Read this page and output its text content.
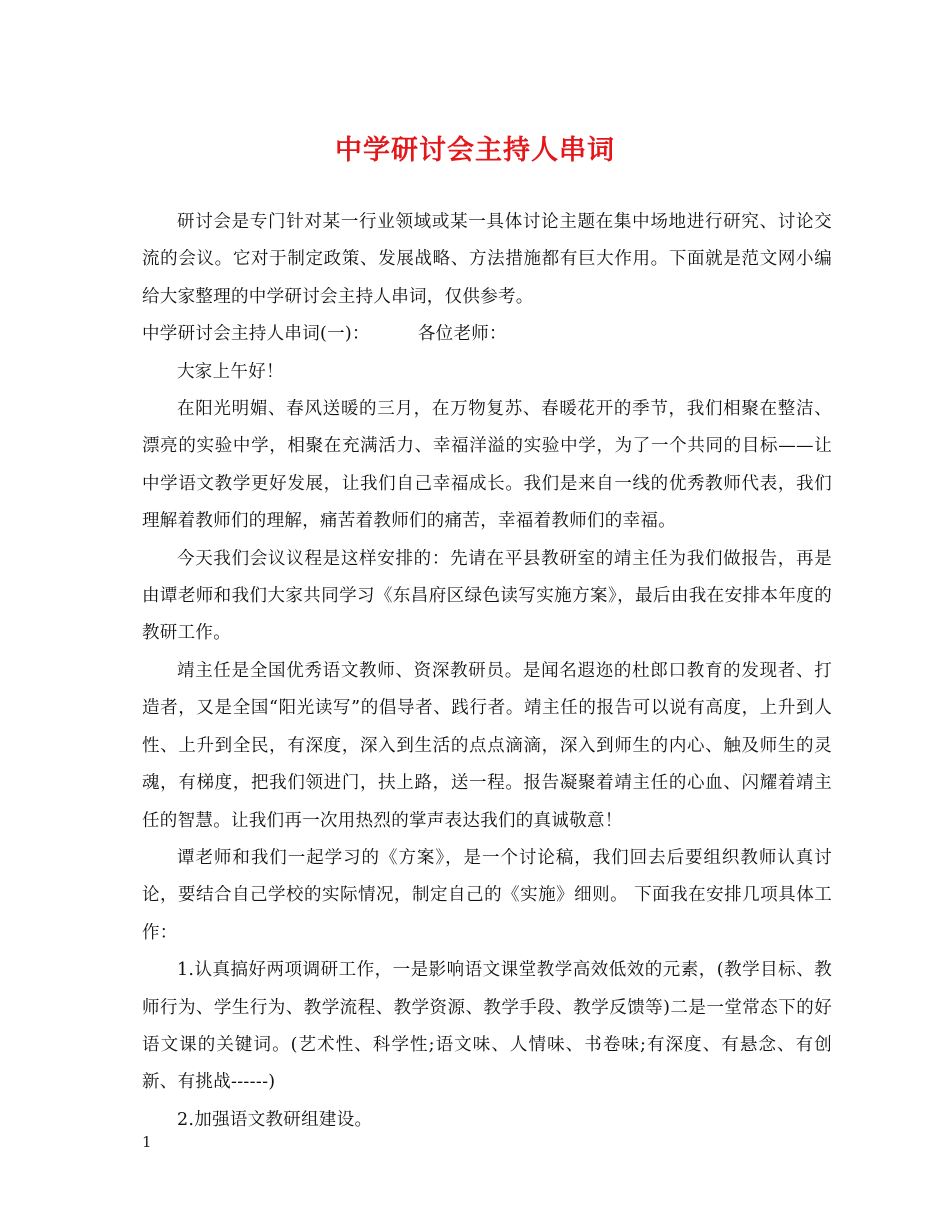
中学研讨会主持人串词

研讨会是专门针对某一行业领域或某一具体讨论主题在集中场地进行研究、讨论交流的会议。它对于制定政策、发展战略、方法措施都有巨大作用。下面就是范文网小编给大家整理的中学研讨会主持人串词，仅供参考。

中学研讨会主持人串词(一)：	各位老师：

大家上午好！

在阳光明媚、春风送暖的三月，在万物复苏、春暖花开的季节，我们相聚在整洁、漂亮的实验中学，相聚在充满活力、幸福洋溢的实验中学，为了一个共同的目标——让中学语文教学更好发展，让我们自己幸福成长。我们是来自一线的优秀教师代表，我们理解着教师们的理解，痛苦着教师们的痛苦，幸福着教师们的幸福。

今天我们会议议程是这样安排的：先请在平县教研室的靖主任为我们做报告，再是由谭老师和我们大家共同学习《东昌府区绿色读写实施方案》，最后由我在安排本年度的教研工作。

靖主任是全国优秀语文教师、资深教研员。是闻名遐迩的杜郎口教育的发现者、打造者，又是全国“阳光读写”的倡导者、践行者。靖主任的报告可以说有高度，上升到人性、上升到全民，有深度，深入到生活的点点滴滴，深入到师生的内心、触及师生的灵魂，有梯度，把我们领进门，扶上路，送一程。报告凝聚着靖主任的心血、闪耀着靖主任的智慧。让我们再一次用热烈的掌声表达我们的真诚敬意！

谭老师和我们一起学习的《方案》，是一个讨论稿，我们回去后要组织教师认真讨论，要结合自己学校的实际情况，制定自己的《实施》细则。 下面我在安排几项具体工作：

1.认真搞好两项调研工作，一是影响语文课堂教学高效低效的元素，(教学目标、教师行为、学生行为、教学流程、教学资源、教学手段、教学反馈等)二是一堂常态下的好语文课的关键词。(艺术性、科学性;语文味、人情味、书卷味;有深度、有悬念、有创新、有挑战------)

2.加强语文教研组建设。

1
